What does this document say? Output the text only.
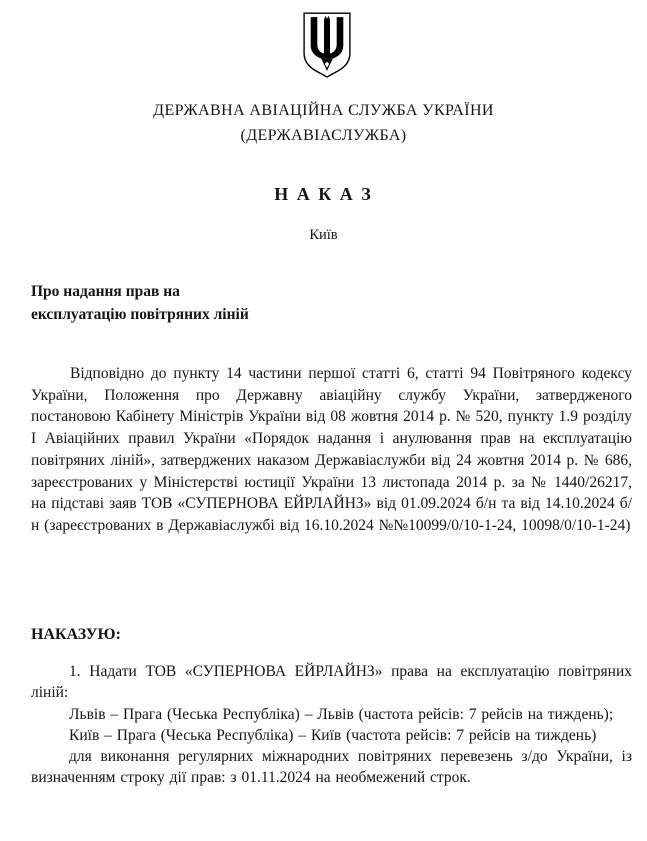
ДЕРЖАВНА АВІАЦІЙНА СЛУЖБА УКРАЇНИ
(ДЕРЖАВІАСЛУЖБА)
Н А К А З
Київ
Про надання прав на
експлуатацію повітряних ліній
Відповідно до пункту 14 частини першої статті 6, статті 94 Повітряного кодексу України, Положення про Державну авіаційну службу України, затвердженого постановою Кабінету Міністрів України від 08 жовтня 2014 р. № 520, пункту 1.9 розділу І Авіаційних правил України «Порядок надання і анулювання прав на експлуатацію повітряних ліній», затверджених наказом Державіаслужби від 24 жовтня 2014 р. № 686, зареєстрованих у Міністерстві юстиції України 13 листопада 2014 р. за № 1440/26217, на підставі заяв ТОВ «СУПЕРНОВА ЕЙРЛАЙНЗ» від 01.09.2024 б/н та від 14.10.2024 б/н (зареєстрованих в Державіаслужбі від 16.10.2024 №№10099/0/10-1-24, 10098/0/10-1-24)
НАКАЗУЮ:

1. Надати ТОВ «СУПЕРНОВА ЕЙРЛАЙНЗ» права на експлуатацію повітряних ліній:

Львів – Прага (Чеська Республіка) – Львів (частота рейсів: 7 рейсів на тиждень);

Київ – Прага (Чеська Республіка) – Київ (частота рейсів: 7 рейсів на тиждень)

для виконання регулярних міжнародних повітряних перевезень з/до України, із визначенням строку дії прав: з 01.11.2024 на необмежений строк.
